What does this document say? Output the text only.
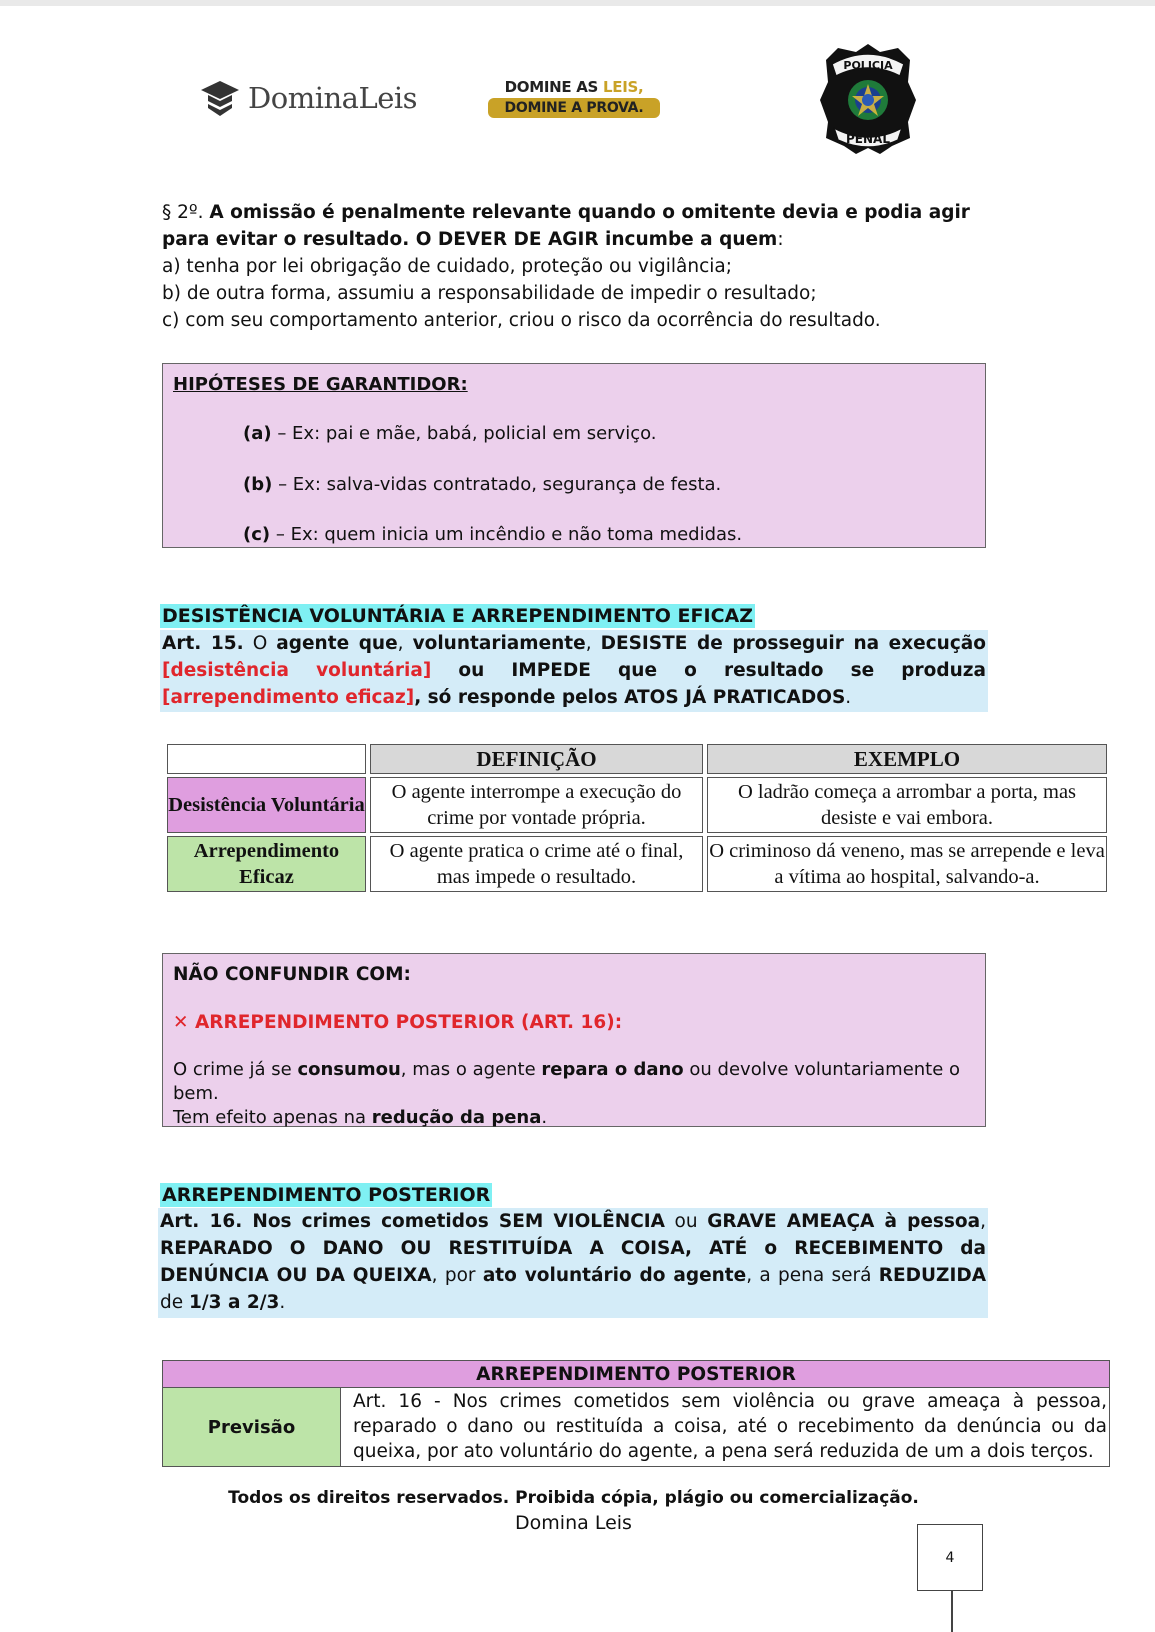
DominaLeis	DOMINE AS LEIS,
DOMINE A PROVA.
POLICIA
PENAL
§ 2º. A omissão é penalmente relevante quando o omitente devia e podia agir para evitar o resultado. O DEVER DE AGIR incumbe a quem:
a) tenha por lei obrigação de cuidado, proteção ou vigilância;
b) de outra forma, assumiu a responsabilidade de impedir o resultado;
c) com seu comportamento anterior, criou o risco da ocorrência do resultado.
HIPÓTESES DE GARANTIDOR:
(a) – Ex: pai e mãe, babá, policial em serviço.
(b) – Ex: salva-vidas contratado, segurança de festa.
(c) – Ex: quem inicia um incêndio e não toma medidas.
DESISTÊNCIA VOLUNTÁRIA E ARREPENDIMENTO EFICAZ
Art. 15. O agente que, voluntariamente, DESISTE de prosseguir na execução [desistência voluntária] ou IMPEDE que o resultado se produza [arrependimento eficaz], só responde pelos ATOS JÁ PRATICADOS.
	DEFINIÇÃO	EXEMPLO
Desistência Voluntária	O agente interrompe a execução do crime por vontade própria.	O ladrão começa a arrombar a porta, mas desiste e vai embora.
Arrependimento Eficaz	O agente pratica o crime até o final, mas impede o resultado.	O criminoso dá veneno, mas se arrepende e leva a vítima ao hospital, salvando-a.
NÃO CONFUNDIR COM:
✕ ARREPENDIMENTO POSTERIOR (ART. 16):
O crime já se consumou, mas o agente repara o dano ou devolve voluntariamente o bem.
Tem efeito apenas na redução da pena.
ARREPENDIMENTO POSTERIOR
Art. 16. Nos crimes cometidos SEM VIOLÊNCIA ou GRAVE AMEAÇA à pessoa, REPARADO O DANO OU RESTITUÍDA A COISA, ATÉ o RECEBIMENTO da DENÚNCIA OU DA QUEIXA, por ato voluntário do agente, a pena será REDUZIDA de 1/3 a 2/3.
ARREPENDIMENTO POSTERIOR
Previsão	Art. 16 - Nos crimes cometidos sem violência ou grave ameaça à pessoa, reparado o dano ou restituída a coisa, até o recebimento da denúncia ou da queixa, por ato voluntário do agente, a pena será reduzida de um a dois terços.
Todos os direitos reservados. Proibida cópia, plágio ou comercialização.
Domina Leis
4
